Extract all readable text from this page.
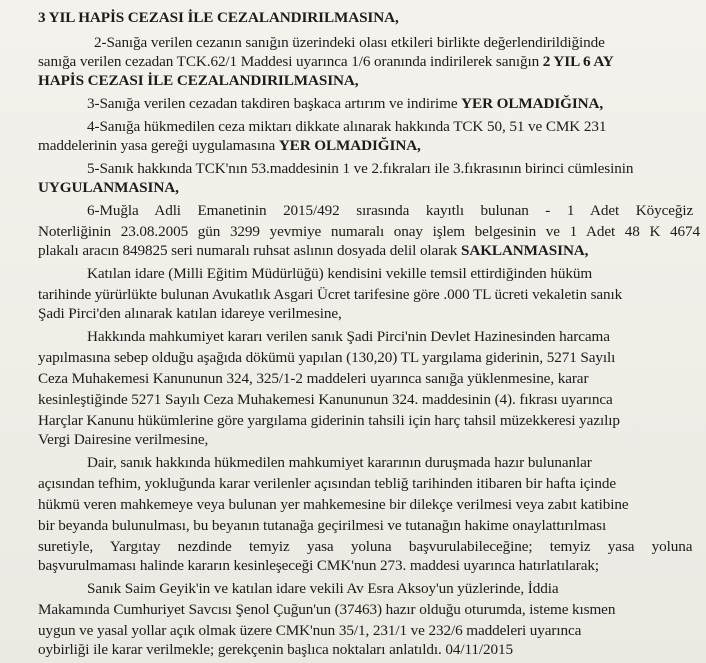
3 YIL HAPİS CEZASI İLE CEZALANDIRILMASINA,
2-Sanığa verilen cezanın sanığın üzerindeki olası etkileri birlikte değerlendirildiğinde
sanığa verilen cezadan TCK.62/1 Maddesi uyarınca 1/6 oranında indirilerek sanığın 2 YIL 6 AY
HAPİS CEZASI İLE CEZALANDIRILMASINA,
3-Sanığa verilen cezadan takdiren başkaca artırım ve indirime YER OLMADIĞINA,
4-Sanığa hükmedilen ceza miktarı dikkate alınarak hakkında TCK 50, 51 ve CMK 231
maddelerinin yasa gereği uygulamasına YER OLMADIĞINA,
5-Sanık hakkında TCK'nın 53.maddesinin 1 ve 2.fıkraları ile 3.fıkrasının birinci cümlesinin
UYGULANMASINA,
6-Muğla Adli Emanetinin 2015/492 sırasında kayıtlı bulunan - 1 Adet Köyceğiz
Noterliğinin 23.08.2005 gün 3299 yevmiye numaralı onay işlem belgesinin ve 1 Adet 48 K 4674
plakalı aracın 849825 seri numaralı ruhsat aslının dosyada delil olarak SAKLANMASINA,
Katılan idare (Milli Eğitim Müdürlüğü) kendisini vekille temsil ettirdiğinden hüküm
tarihinde yürürlükte bulunan Avukatlık Asgari Ücret tarifesine göre .000 TL ücreti vekaletin sanık
Şadi Pirci'den alınarak katılan idareye verilmesine,
Hakkında mahkumiyet kararı verilen sanık Şadi Pirci'nin Devlet Hazinesinden harcama
yapılmasına sebep olduğu aşağıda dökümü yapılan (130,20) TL yargılama giderinin, 5271 Sayılı
Ceza Muhakemesi Kanununun 324, 325/1-2 maddeleri uyarınca sanığa yüklenmesine, karar
kesinleştiğinde 5271 Sayılı Ceza Muhakemesi Kanununun 324. maddesinin (4). fıkrası uyarınca
Harçlar Kanunu hükümlerine göre yargılama giderinin tahsili için harç tahsil müzekkeresi yazılıp
Vergi Dairesine verilmesine,
Dair, sanık hakkında hükmedilen mahkumiyet kararının duruşmada hazır bulunanlar
açısından tefhim, yokluğunda karar verilenler açısından tebliğ tarihinden itibaren bir hafta içinde
hükmü veren mahkemeye veya bulunan yer mahkemesine bir dilekçe verilmesi veya zabıt katibine
bir beyanda bulunulması, bu beyanın tutanağa geçirilmesi ve tutanağın hakime onaylattırılması
suretiyle, Yargıtay nezdinde temyiz yasa yoluna başvurulabileceğine; temyiz yasa yoluna
başvurulmaması halinde kararın kesinleşeceği CMK'nun 273. maddesi uyarınca hatırlatılarak;
Sanık Saim Geyik'in ve katılan idare vekili Av Esra Aksoy'un yüzlerinde, İddia
Makamında Cumhuriyet Savcısı Şenol Çuğun'un (37463) hazır olduğu oturumda, isteme kısmen
uygun ve yasal yollar açık olmak üzere CMK'nun 35/1, 231/1 ve 232/6 maddeleri uyarınca
oybirliği ile karar verilmekle; gerekçenin başlıca noktaları anlatıldı. 04/11/2015
